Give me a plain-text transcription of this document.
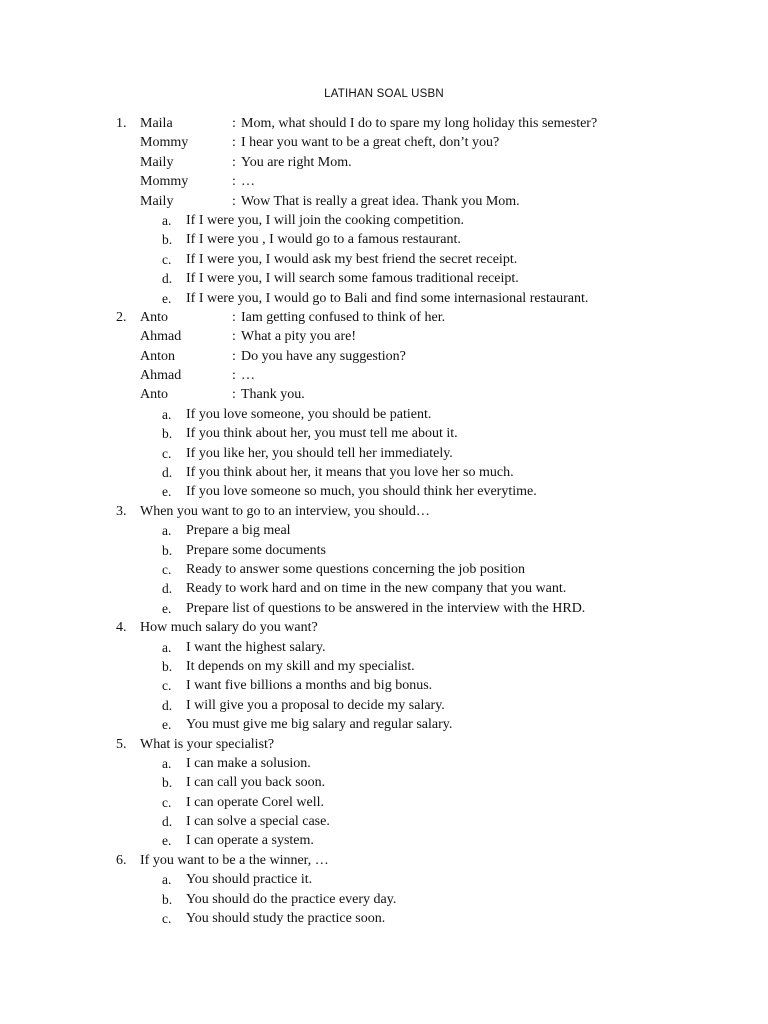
LATIHAN SOAL USBN
1. Maila	: Mom, what should I do to spare my long holiday this semester?
Mommy	: I hear you want to be a great cheft, don’t you?
Maily	: You are right Mom.
Mommy	: …
Maily	: Wow That is really a great idea. Thank you Mom.
a. If I were you, I will join the cooking competition.
b. If I were you , I would go to a famous restaurant.
c. If I were you, I would ask my best friend the secret receipt.
d. If I were you, I will search some famous traditional receipt.
e. If I were you, I would go to Bali and find some internasional restaurant.
2. Anto	: Iam getting confused to think of her.
Ahmad	: What a pity you are!
Anton	: Do you have any suggestion?
Ahmad	: …
Anto	: Thank you.
a. If you love someone, you should be patient.
b. If you think about her, you must tell me about it.
c. If you like her, you should tell her immediately.
d. If you think about her, it means that you love her so much.
e. If you love someone so much, you should think her everytime.
3. When you want to go to an interview, you should…
a. Prepare a big meal
b. Prepare some documents
c. Ready to answer some questions concerning the job position
d. Ready to work hard and on time in the new company that you want.
e. Prepare list of questions to be answered in the interview with the HRD.
4. How much salary do you want?
a. I want the highest salary.
b. It depends on my skill and my specialist.
c. I want five billions a months and big bonus.
d. I will give you a proposal to decide my salary.
e. You must give me big salary and regular salary.
5. What is your specialist?
a. I can make a solusion.
b. I can call you back soon.
c. I can operate Corel well.
d. I can solve a special case.
e. I can operate a system.
6. If you want to be a the winner, …
a. You should practice it.
b. You should do the practice every day.
c. You should study the practice soon.
